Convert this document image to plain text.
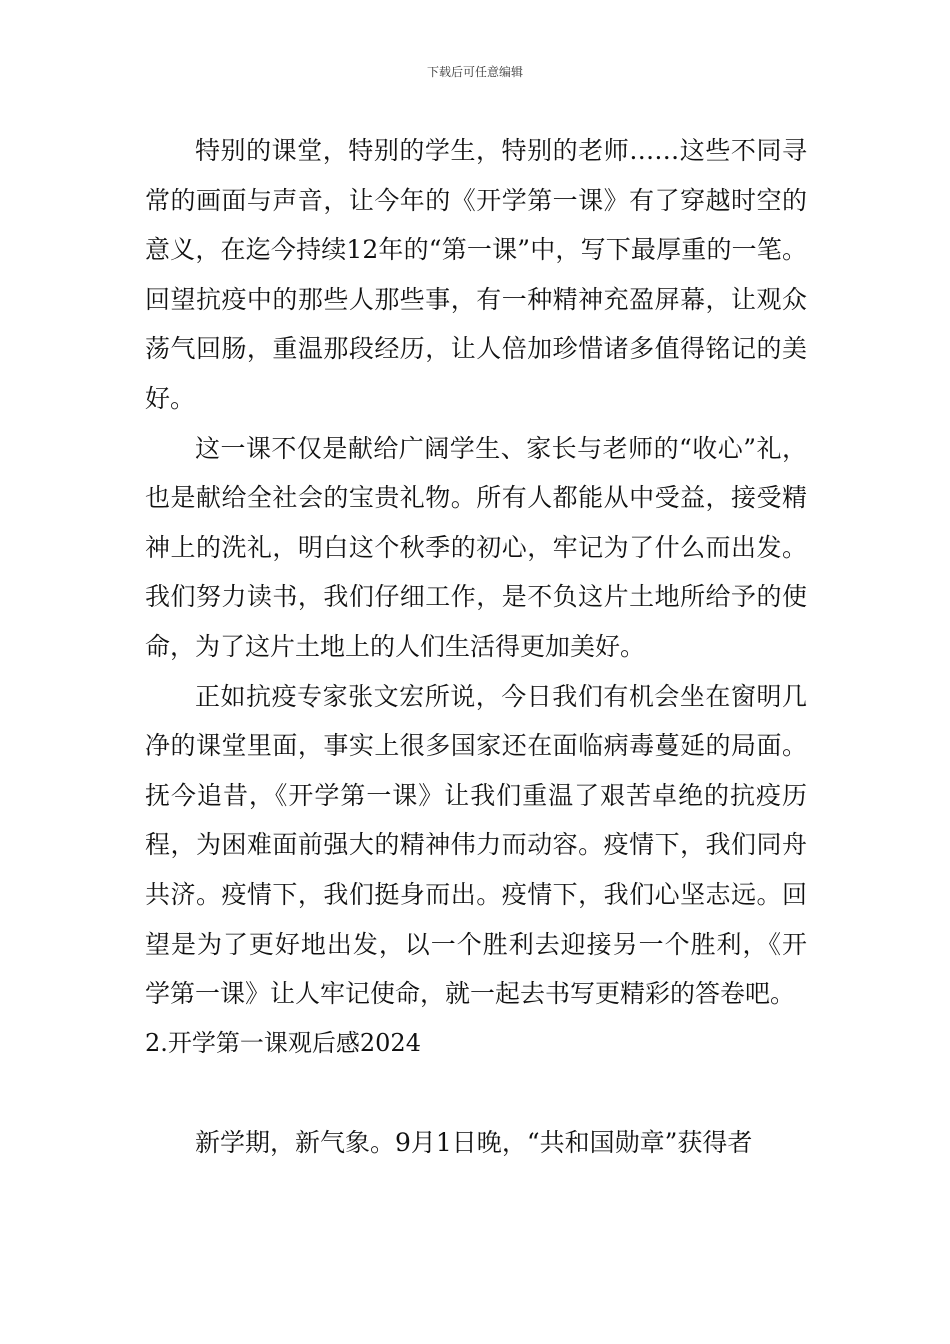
下载后可任意编辑

特别的课堂，特别的学生，特别的老师……这些不同寻常的画面与声音，让今年的《开学第一课》有了穿越时空的意义，在迄今持续12年的“第一课”中，写下最厚重的一笔。回望抗疫中的那些人那些事，有一种精神充盈屏幕，让观众荡气回肠，重温那段经历，让人倍加珍惜诸多值得铭记的美好。

这一课不仅是献给广阔学生、家长与老师的“收心”礼，也是献给全社会的宝贵礼物。所有人都能从中受益，接受精神上的洗礼，明白这个秋季的初心，牢记为了什么而出发。我们努力读书，我们仔细工作，是不负这片土地所给予的使命，为了这片土地上的人们生活得更加美好。

正如抗疫专家张文宏所说，今日我们有机会坐在窗明几净的课堂里面，事实上很多国家还在面临病毒蔓延的局面。抚今追昔，《开学第一课》让我们重温了艰苦卓绝的抗疫历程，为困难面前强大的精神伟力而动容。疫情下，我们同舟共济。疫情下，我们挺身而出。疫情下，我们心坚志远。回望是为了更好地出发，以一个胜利去迎接另一个胜利，《开学第一课》让人牢记使命，就一起去书写更精彩的答卷吧。

2.开学第一课观后感2024

新学期，新气象。9月1日晚，“共和国勋章”获得者
